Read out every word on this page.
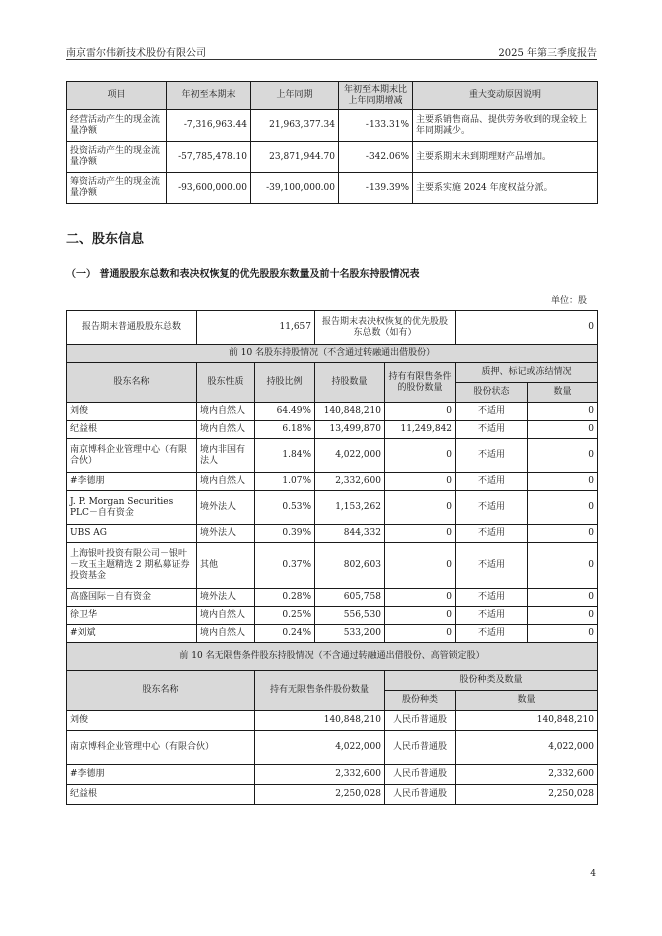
南京雷尔伟新技术股份有限公司	2025 年第三季度报告
项目	年初至本期末	上年同期	年初至本期末比上年同期增减	重大变动原因说明
经营活动产生的现金流量净额	-7,316,963.44	21,963,377.34	-133.31%	主要系销售商品、提供劳务收到的现金较上年同期减少。
投资活动产生的现金流量净额	-57,785,478.10	23,871,944.70	-342.06%	主要系期末未到期理财产品增加。
筹资活动产生的现金流量净额	-93,600,000.00	-39,100,000.00	-139.39%	主要系实施 2024 年度权益分派。
二、股东信息
（一） 普通股股东总数和表决权恢复的优先股股东数量及前十名股东持股情况表
单位：股
报告期末普通股股东总数	11,657		报告期末表决权恢复的优先股股东总数（如有）		0	
前 10 名股东持股情况（不含通过转融通出借股份）						
股东名称	股东性质	持股比例	持股数量	持有有限售条件的股份数量	质押、标记或冻结情况	
					股份状态	数量
刘俊	境内自然人	64.49%	140,848,210	0	不适用	0
纪益根	境内自然人	6.18%	13,499,870	11,249,842	不适用	0
南京博科企业管理中心（有限合伙）	境内非国有法人	1.84%	4,022,000	0	不适用	0
#李德朋	境内自然人	1.07%	2,332,600	0	不适用	0
J. P. Morgan Securities PLC－自有资金	境外法人	0.53%	1,153,262	0	不适用	0
UBS AG	境外法人	0.39%	844,332	0	不适用	0
上海银叶投资有限公司－银叶－玫玉主题精选 2 期私募证券投资基金	其他	0.37%	802,603	0	不适用	0
高盛国际－自有资金	境外法人	0.28%	605,758	0	不适用	0
徐卫华	境内自然人	0.25%	556,530	0	不适用	0
#刘斌	境内自然人	0.24%	533,200	0	不适用	0
前 10 名无限售条件股东持股情况（不含通过转融通出借股份、高管锁定股）						
股东名称		持有无限售条件股份数量		股份种类及数量		
				股份种类	数量	
刘俊		140,848,210		人民币普通股	140,848,210	
南京博科企业管理中心（有限合伙）		4,022,000		人民币普通股	4,022,000	
#李德朋		2,332,600		人民币普通股	2,332,600	
纪益根		2,250,028		人民币普通股	2,250,028	
4
